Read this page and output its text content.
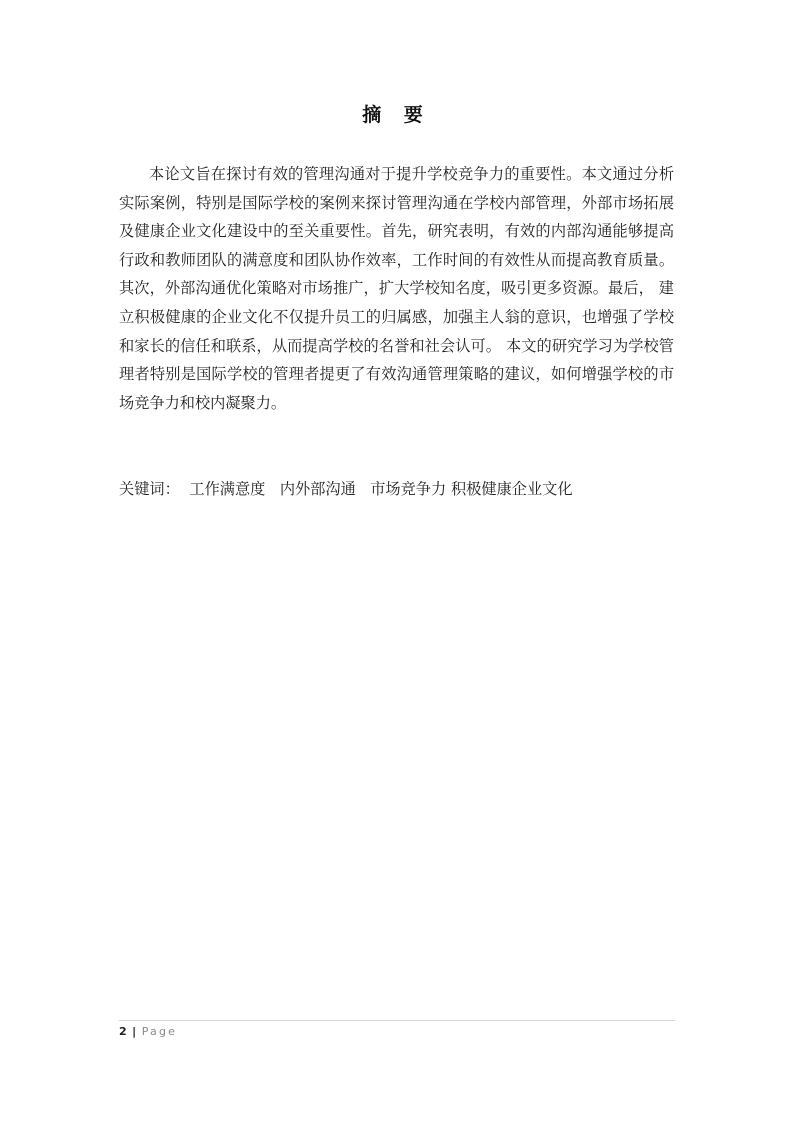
摘 要

本论文旨在探讨有效的管理沟通对于提升学校竞争力的重要性。本文通过分析实际案例，特别是国际学校的案例来探讨管理沟通在学校内部管理，外部市场拓展及健康企业文化建设中的至关重要性。首先，研究表明，有效的内部沟通能够提高行政和教师团队的满意度和团队协作效率，工作时间的有效性从而提高教育质量。 其次，外部沟通优化策略对市场推广，扩大学校知名度，吸引更多资源。最后， 建立积极健康的企业文化不仅提升员工的归属感，加强主人翁的意识，也增强了学校和家长的信任和联系，从而提高学校的名誉和社会认可。 本文的研究学习为学校管理者特别是国际学校的管理者提更了有效沟通管理策略的建议，如何增强学校的市场竞争力和校内凝聚力。

关键词：  工作满意度   内外部沟通   市场竞争力 积极健康企业文化
2 | Page
